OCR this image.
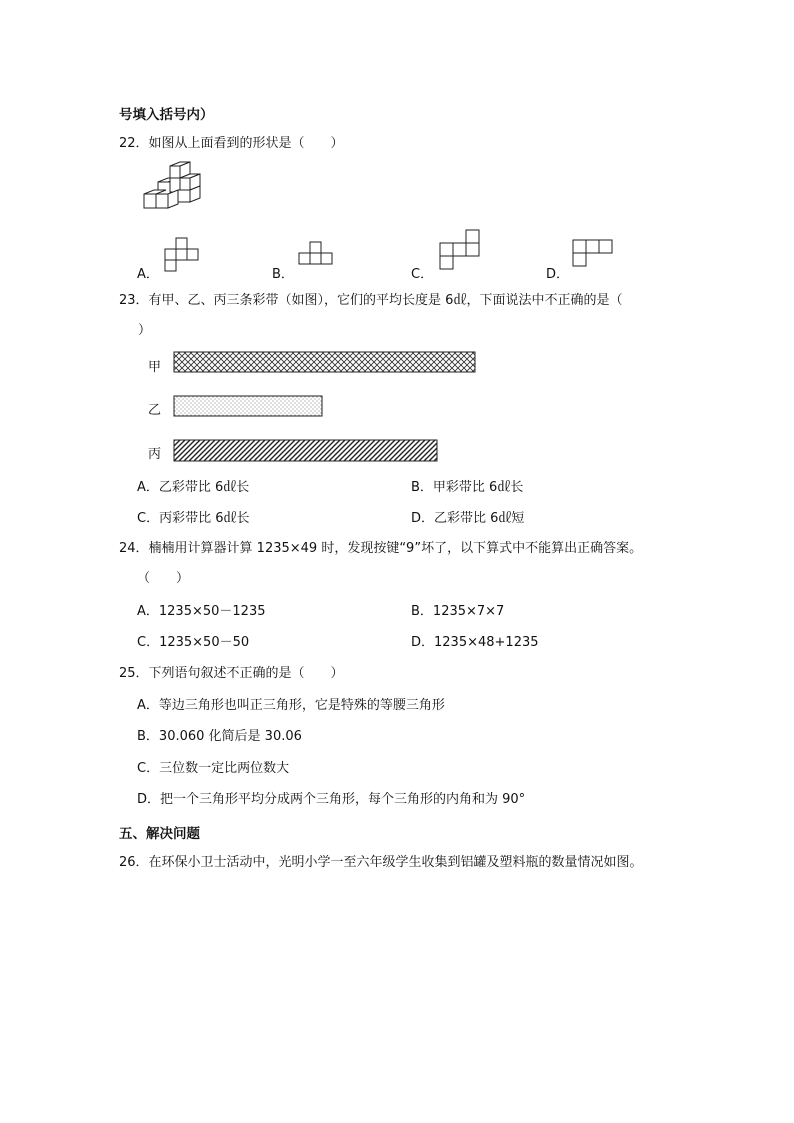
号填入括号内）
22．如图从上面看到的形状是（　　）
A．	B．	C．	D．
23．有甲、乙、丙三条彩带（如图），它们的平均长度是 6㎗，下面说法中不正确的是（
）
甲
乙
丙
A．乙彩带比 6㎗长	B．甲彩带比 6㎗长
C．丙彩带比 6㎗长	D．乙彩带比 6㎗短
24．楠楠用计算器计算 1235×49 时，发现按键“9”坏了，以下算式中不能算出正确答案。
（　　）
A．1235×50－1235	B．1235×7×7
C．1235×50－50	D．1235×48+1235
25．下列语句叙述不正确的是（　　）
A．等边三角形也叫正三角形，它是特殊的等腰三角形
B．30.060 化简后是 30.06
C．三位数一定比两位数大
D．把一个三角形平均分成两个三角形，每个三角形的内角和为 90°
五、解决问题
26．在环保小卫士活动中，光明小学一至六年级学生收集到铝罐及塑料瓶的数量情况如图。
